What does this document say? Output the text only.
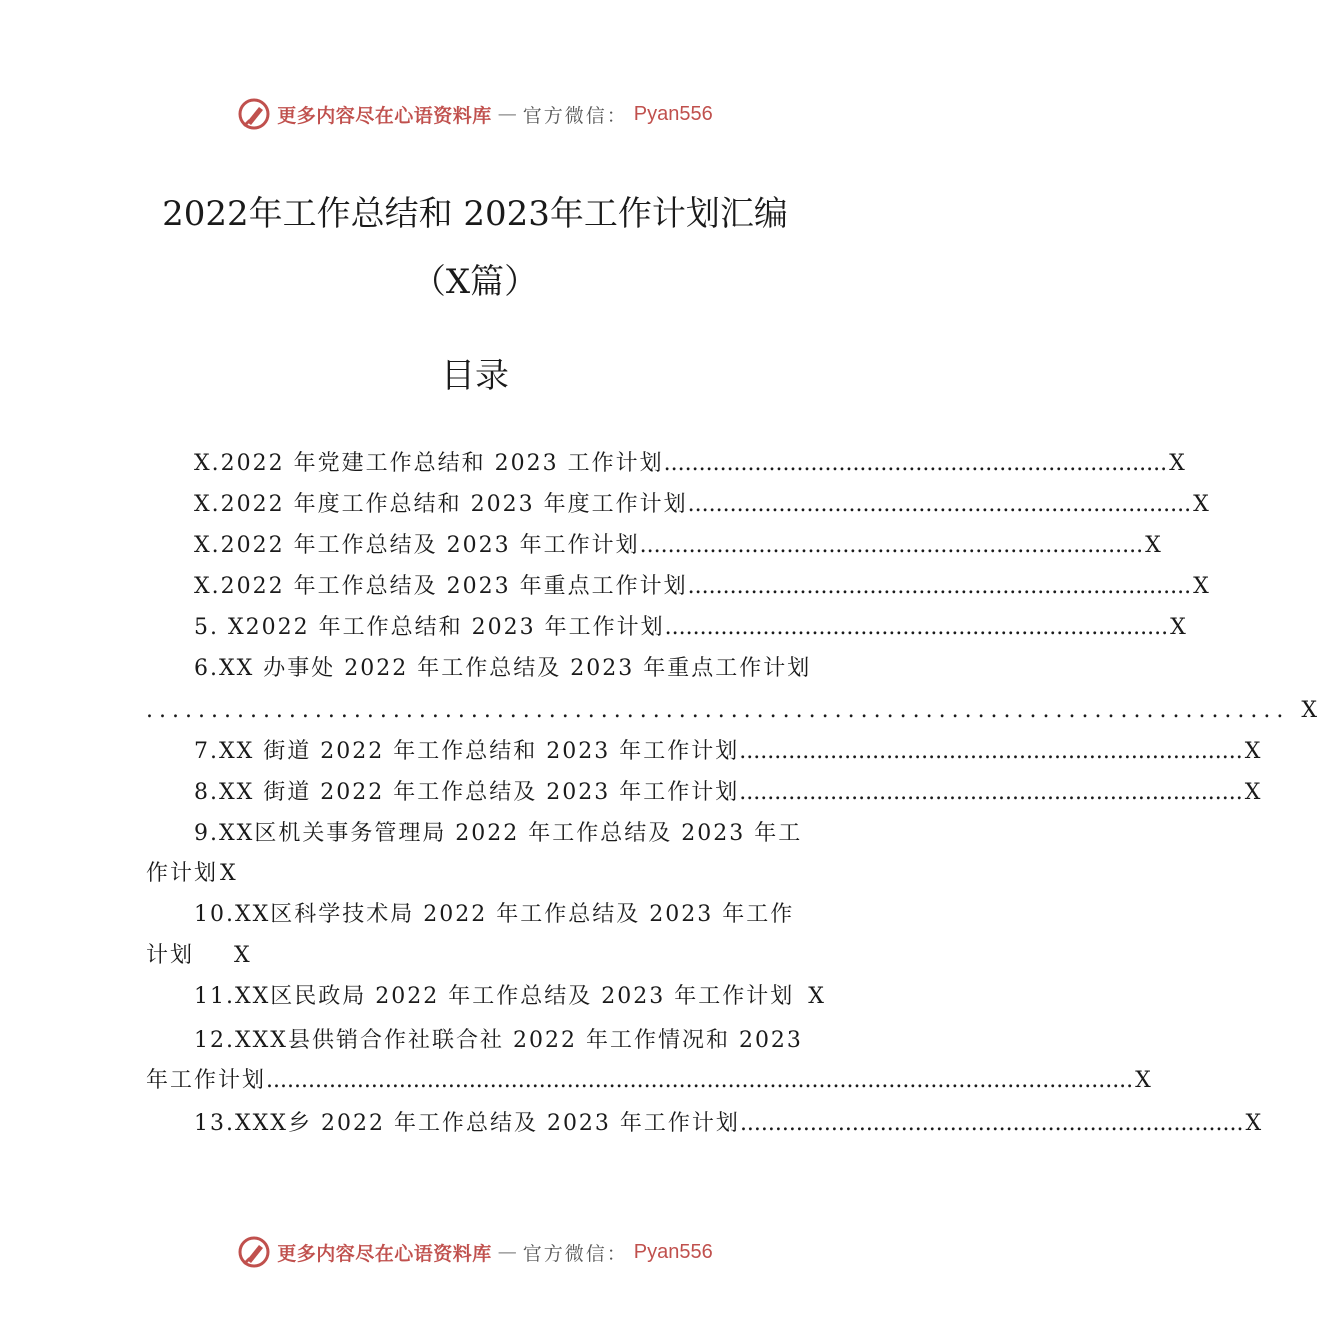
更多内容尽在心语资料库 — 官方微信： Pyan556
2022年工作总结和 2023年工作计划汇编
（X篇）
目录
X.2022 年党建工作总结和 2023 工作计划 ........................................................................ X
X.2022 年度工作总结和 2023 年度工作计划 ........................................................................ X
X.2022 年工作总结及 2023 年工作计划 ........................................................................ X
X.2022 年工作总结及 2023 年重点工作计划 ........................................................................ X
5. X2022 年工作总结和 2023 年工作计划 ........................................................................ X
6.XX 办事处 2022 年工作总结及 2023 年重点工作计划
........................................................................................ X
7.XX 街道 2022 年工作总结和 2023 年工作计划 ........................................................................ X
8.XX 街道 2022 年工作总结及 2023 年工作计划 ........................................................................ X
9.XX区机关事务管理局 2022 年工作总结及 2023 年工
作计划 X
10.XX区科学技术局 2022 年工作总结及 2023 年工作
计划	X
11.XX区民政局 2022 年工作总结及 2023 年工作计划 X
12.XXX县供销合作社联合社 2022 年工作情况和 2023
年工作计划 ............................................................................................................................ X
13.XXX乡 2022 年工作总结及 2023 年工作计划 ........................................................................ X
更多内容尽在心语资料库 — 官方微信： Pyan556
